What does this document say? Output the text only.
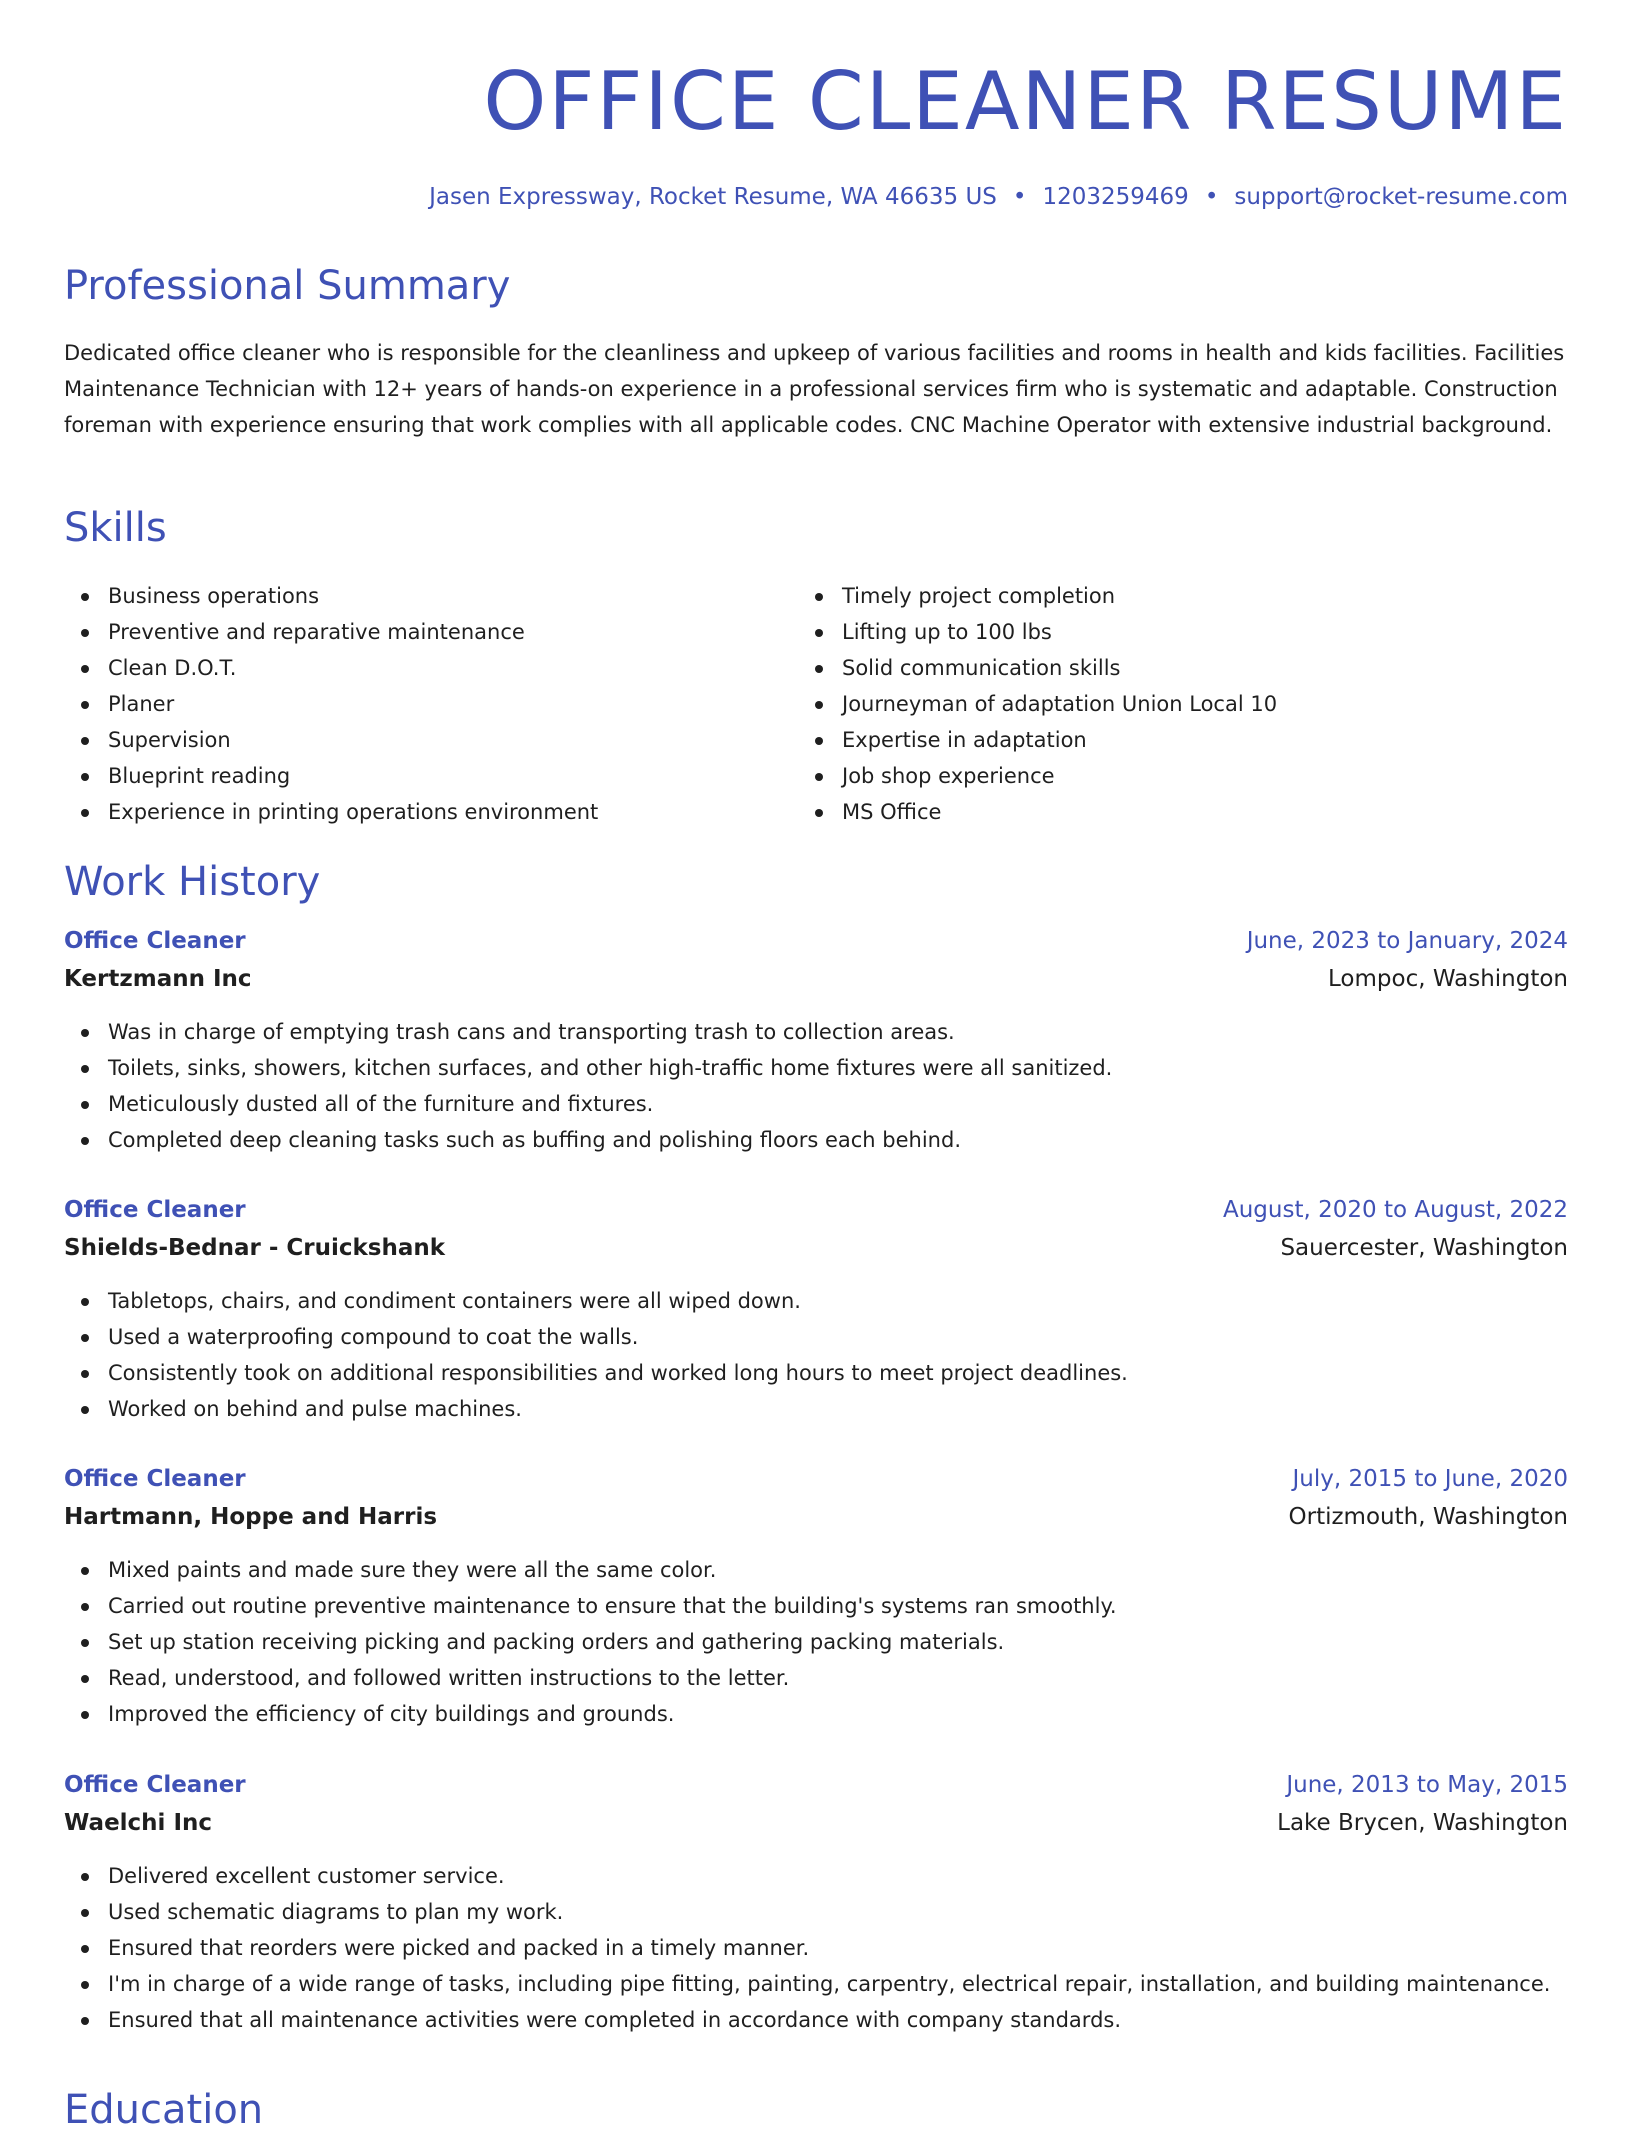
OFFICE CLEANER RESUME
Jasen Expressway, Rocket Resume, WA 46635 US • 1203259469 • support@rocket-resume.com
Professional Summary
Dedicated office cleaner who is responsible for the cleanliness and upkeep of various facilities and rooms in health and kids facilities. Facilities Maintenance Technician with 12+ years of hands-on experience in a professional services firm who is systematic and adaptable. Construction foreman with experience ensuring that work complies with all applicable codes. CNC Machine Operator with extensive industrial background.
Skills
Business operations
Preventive and reparative maintenance
Clean D.O.T.
Planer
Supervision
Blueprint reading
Experience in printing operations environment
Timely project completion
Lifting up to 100 lbs
Solid communication skills
Journeyman of adaptation Union Local 10
Expertise in adaptation
Job shop experience
MS Office
Work History
Office Cleaner	June, 2023 to January, 2024
Kertzmann Inc	Lompoc, Washington
Was in charge of emptying trash cans and transporting trash to collection areas.
Toilets, sinks, showers, kitchen surfaces, and other high-traffic home fixtures were all sanitized.
Meticulously dusted all of the furniture and fixtures.
Completed deep cleaning tasks such as buffing and polishing floors each behind.
Office Cleaner	August, 2020 to August, 2022
Shields-Bednar - Cruickshank	Sauercester, Washington
Tabletops, chairs, and condiment containers were all wiped down.
Used a waterproofing compound to coat the walls.
Consistently took on additional responsibilities and worked long hours to meet project deadlines.
Worked on behind and pulse machines.
Office Cleaner	July, 2015 to June, 2020
Hartmann, Hoppe and Harris	Ortizmouth, Washington
Mixed paints and made sure they were all the same color.
Carried out routine preventive maintenance to ensure that the building's systems ran smoothly.
Set up station receiving picking and packing orders and gathering packing materials.
Read, understood, and followed written instructions to the letter.
Improved the efficiency of city buildings and grounds.
Office Cleaner	June, 2013 to May, 2015
Waelchi Inc	Lake Brycen, Washington
Delivered excellent customer service.
Used schematic diagrams to plan my work.
Ensured that reorders were picked and packed in a timely manner.
I'm in charge of a wide range of tasks, including pipe fitting, painting, carpentry, electrical repair, installation, and building maintenance.
Ensured that all maintenance activities were completed in accordance with company standards.
Education
